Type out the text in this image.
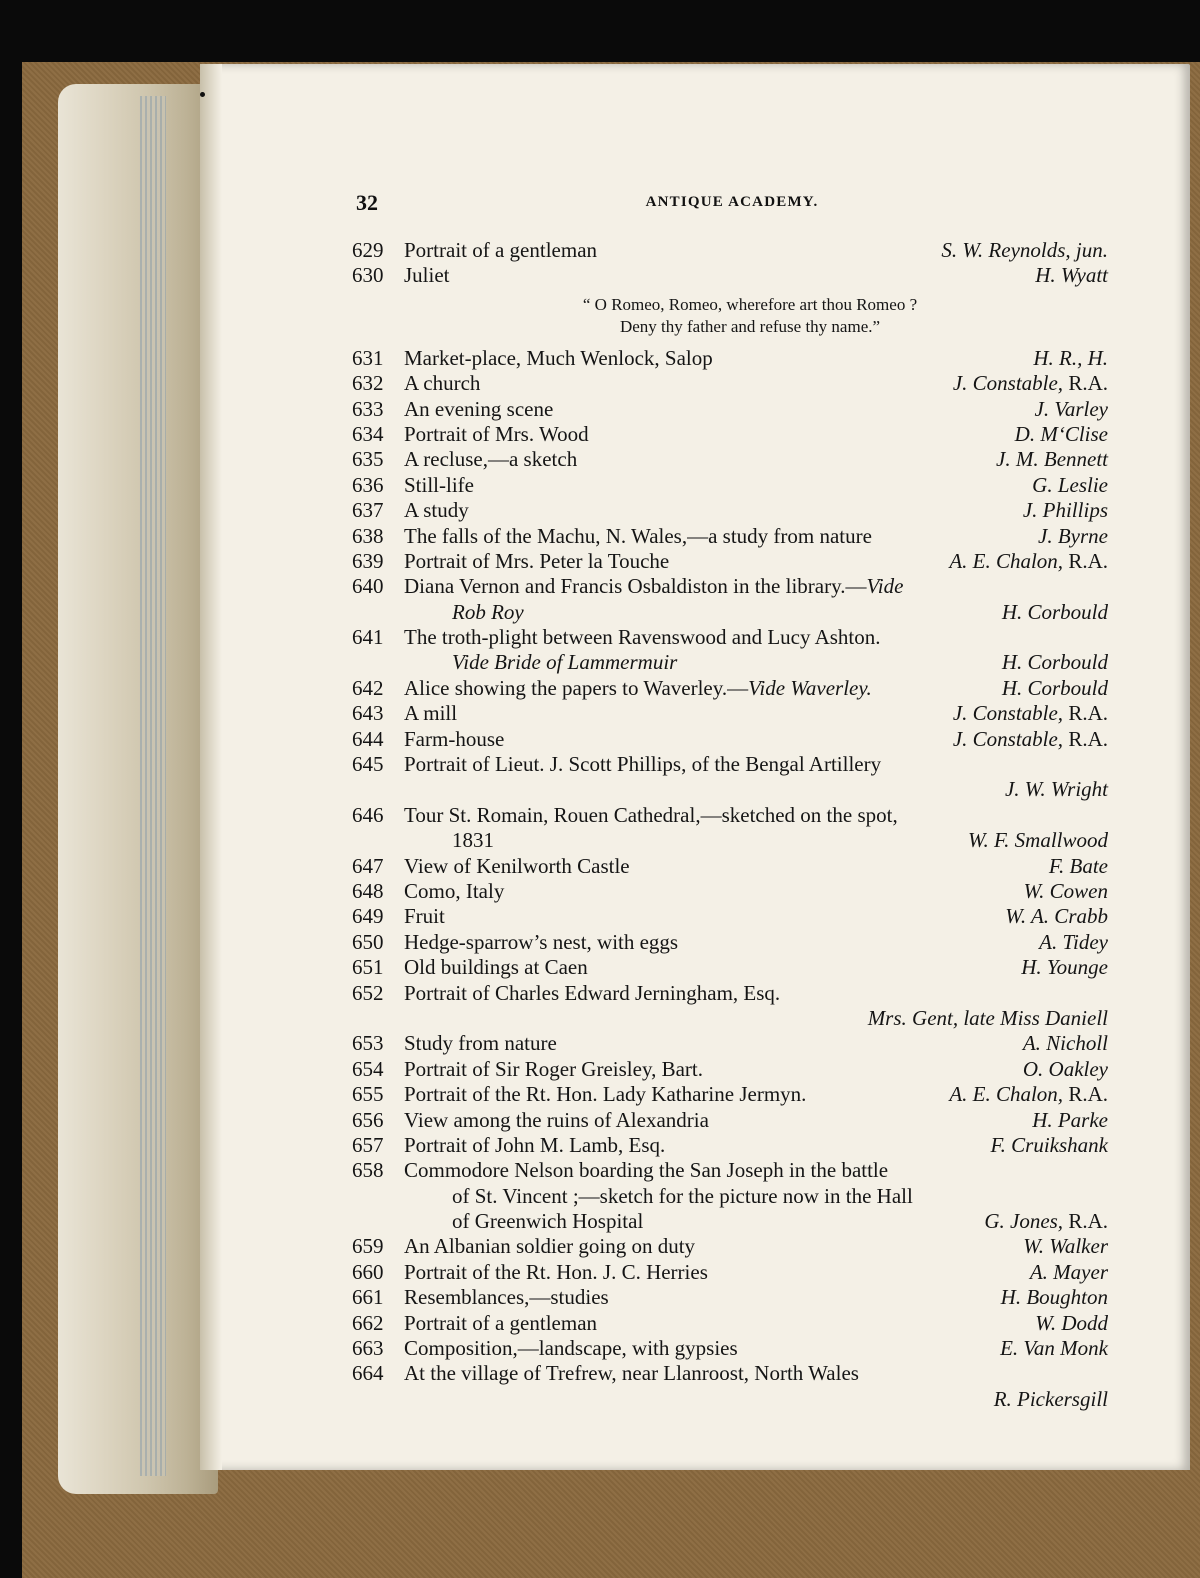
32	ANTIQUE ACADEMY.
629 Portrait of a gentleman	S. W. Reynolds, jun.
630 Juliet	H. Wyatt
“ O Romeo, Romeo, wherefore art thou Romeo ?
Deny thy father and refuse thy name.”
631 Market-place, Much Wenlock, Salop	H. R., H.
632 A church	J. Constable, R.A.
633 An evening scene	J. Varley
634 Portrait of Mrs. Wood	D. M‘Clise
635 A recluse,—a sketch	J. M. Bennett
636 Still-life	G. Leslie
637 A study	J. Phillips
638 The falls of the Machu, N. Wales,—a study from nature	J. Byrne
639 Portrait of Mrs. Peter la Touche	A. E. Chalon, R.A.
640 Diana Vernon and Francis Osbaldiston in the library.—Vide
Rob Roy	H. Corbould
641 The troth-plight between Ravenswood and Lucy Ashton.
Vide Bride of Lammermuir	H. Corbould
642 Alice showing the papers to Waverley.—Vide Waverley.	H. Corbould
643 A mill	J. Constable, R.A.
644 Farm-house	J. Constable, R.A.
645 Portrait of Lieut. J. Scott Phillips, of the Bengal Artillery
J. W. Wright
646 Tour St. Romain, Rouen Cathedral,—sketched on the spot,
1831	W. F. Smallwood
647 View of Kenilworth Castle	F. Bate
648 Como, Italy	W. Cowen
649 Fruit	W. A. Crabb
650 Hedge-sparrow’s nest, with eggs	A. Tidey
651 Old buildings at Caen	H. Younge
652 Portrait of Charles Edward Jerningham, Esq.
Mrs. Gent, late Miss Daniell
653 Study from nature	A. Nicholl
654 Portrait of Sir Roger Greisley, Bart.	O. Oakley
655 Portrait of the Rt. Hon. Lady Katharine Jermyn.	A. E. Chalon, R.A.
656 View among the ruins of Alexandria	H. Parke
657 Portrait of John M. Lamb, Esq.	F. Cruikshank
658 Commodore Nelson boarding the San Joseph in the battle
of St. Vincent ;—sketch for the picture now in the Hall
of Greenwich Hospital	G. Jones, R.A.
659 An Albanian soldier going on duty	W. Walker
660 Portrait of the Rt. Hon. J. C. Herries	A. Mayer
661 Resemblances,—studies	H. Boughton
662 Portrait of a gentleman	W. Dodd
663 Composition,—landscape, with gypsies	E. Van Monk
664 At the village of Trefrew, near Llanroost, North Wales
R. Pickersgill
